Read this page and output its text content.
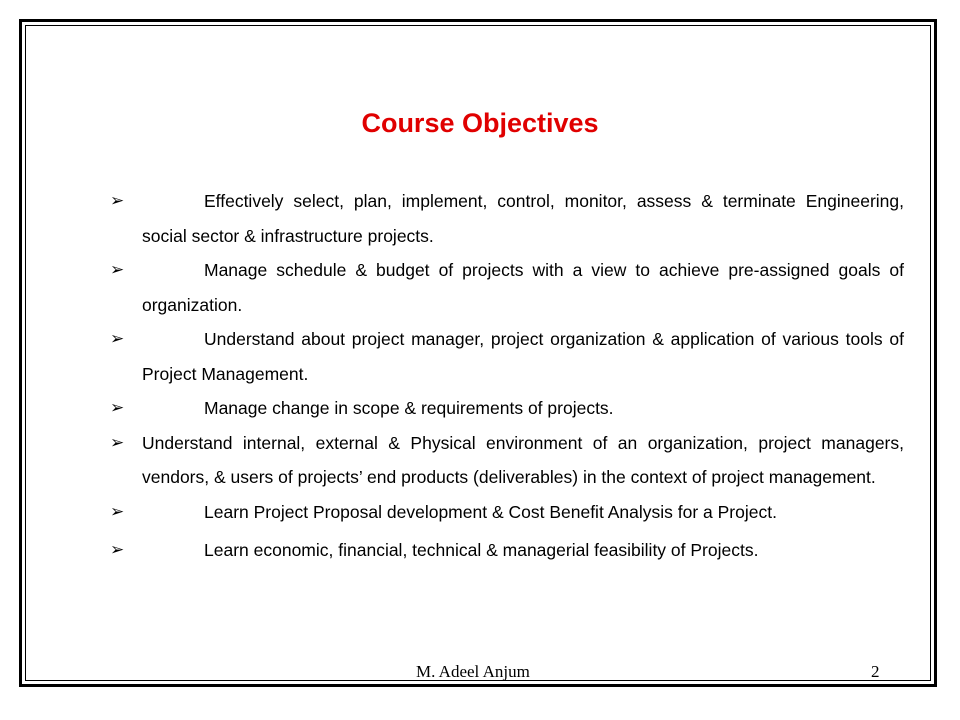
Course Objectives
➢	Effectively select, plan, implement, control, monitor, assess & terminate Engineering, social sector & infrastructure projects.
➢	Manage schedule & budget of projects with a view to achieve pre-assigned goals of organization.
➢	Understand about project manager, project organization & application of various tools of Project Management.
➢	Manage change in scope & requirements of projects.
➢ Understand internal, external & Physical environment of an organization, project managers, vendors, & users of projects’ end products (deliverables) in the context of project management.
➢	Learn Project Proposal development & Cost Benefit Analysis for a Project.
➢	Learn economic, financial, technical & managerial feasibility of Projects.
M. Adeel Anjum	2
